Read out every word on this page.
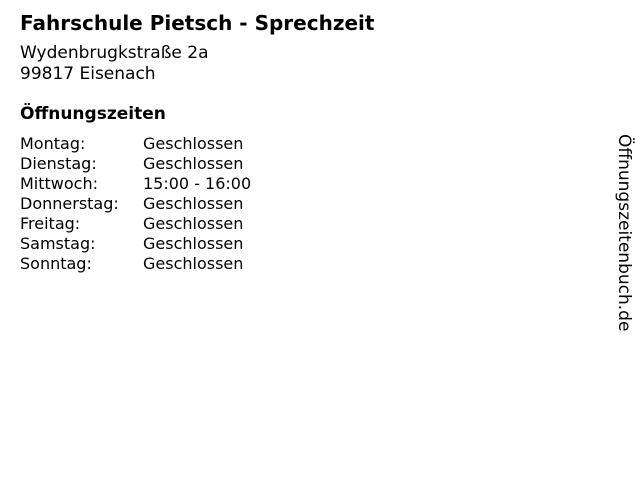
Fahrschule Pietsch - Sprechzeit
Wydenbrugkstraße 2a
99817 Eisenach
Öffnungszeiten
Montag:	Geschlossen
Dienstag:	Geschlossen
Mittwoch:	15:00 - 16:00
Donnerstag:	Geschlossen
Freitag:	Geschlossen
Samstag:	Geschlossen
Sonntag:	Geschlossen	Öffnungszeitenbuch.de
